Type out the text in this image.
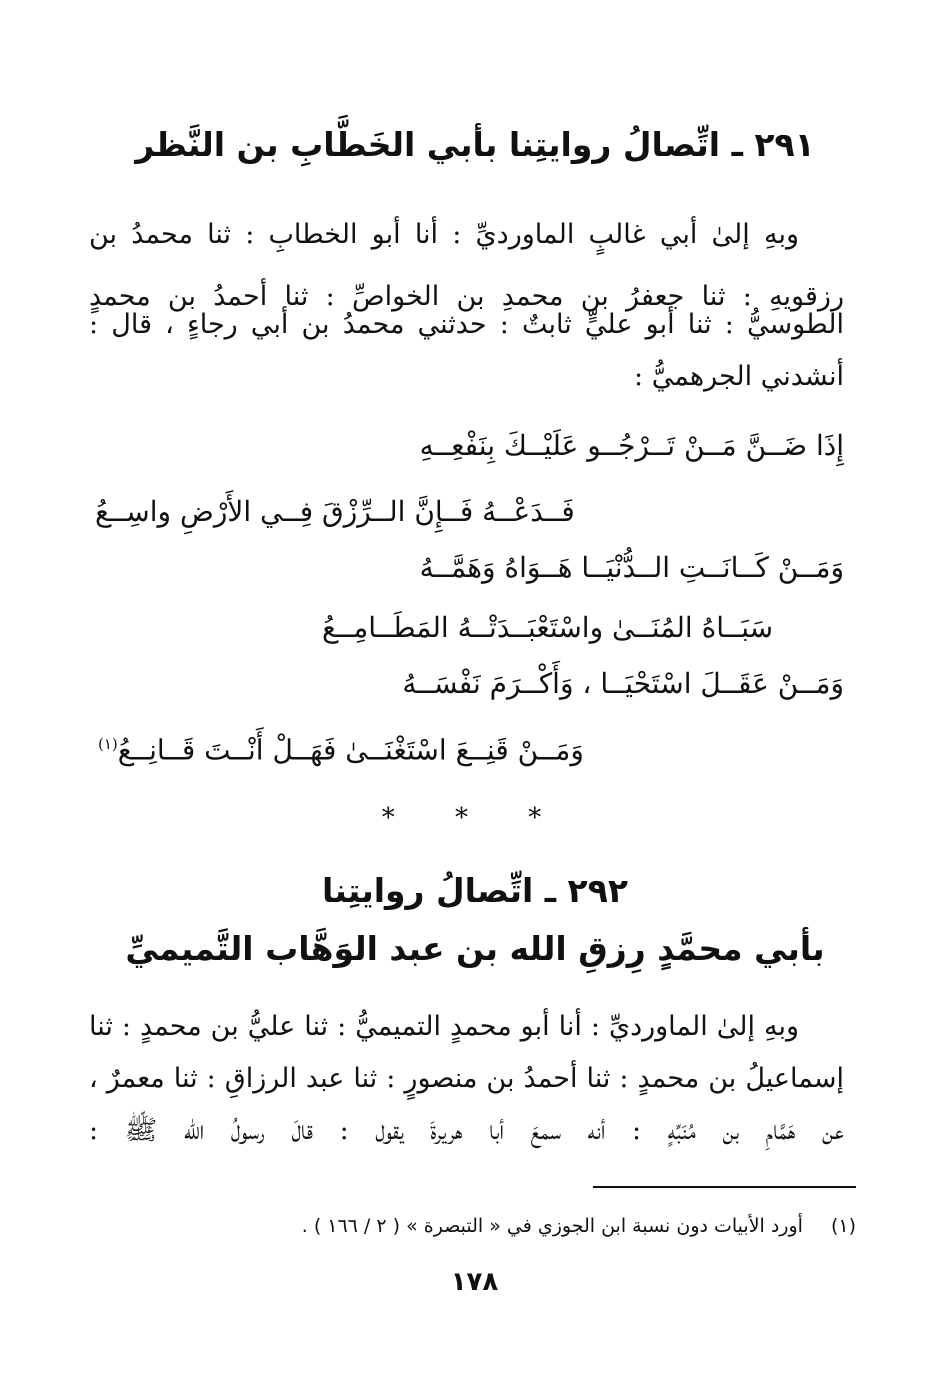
٢٩١ ـ اتِّصالُ روايتِنا بأبي الخَطَّابِ بن النَّظر
وبهِ إلىٰ أبي غالبٍ الماورديِّ : أنا أبو الخطابِ : ثنا محمدُ بن
رزقويهِ : ثنا جعفرُ بن محمدِ بن الخواصِّ : ثنا أحمدُ بن محمدٍ
الطوسيُّ : ثنا أبو عليٍّ ثابتٌ : حدثني محمدُ بن أبي رجاءٍ ، قال :
أنشدني الجرهميُّ :
إِذَا ضَــنَّ مَــنْ تَــرْجُــو عَلَيْــكَ بِنَفْعِــهِ
فَــدَعْــهُ فَــإِنَّ الــرِّزْقَ فِــي الأَرْضِ واسِــعُ
وَمَــنْ كَــانَــتِ الــدُّنْيَــا هَــوَاهُ وَهَمَّــهُ
سَبَــاهُ المُنَــىٰ واسْتَعْبَــدَتْــهُ المَطَــامِــعُ
وَمَــنْ عَقَــلَ اسْتَحْيَــا ، وَأَكْــرَمَ نَفْسَــهُ
وَمَــنْ قَنِــعَ اسْتَغْنَــىٰ فَهَــلْ أَنْــتَ قَــانِــعُ$^{(١)}$
* * *
٢٩٢ ـ اتِّصالُ روايتِنا
بأبي محمَّدٍ رِزقِ الله بن عبد الوَهَّاب التَّميميِّ
وبهِ إلىٰ الماورديِّ : أنا أبو محمدٍ التميميُّ : ثنا عليُّ بن محمدٍ : ثنا
إسماعيلُ بن محمدٍ : ثنا أحمدُ بن منصورٍ : ثنا عبد الرزاقِ : ثنا معمرٌ ،
عن هَمَّامِ بن مُنَبِّهٍ : أنه سمعَ أبا هريرةَ يقول : قالَ رسولُ الله ﷺ :
(١)أورد الأبيات دون نسبة ابن الجوزي في « التبصرة » ( ٢ / ١٦٦ ) .
١٧٨
